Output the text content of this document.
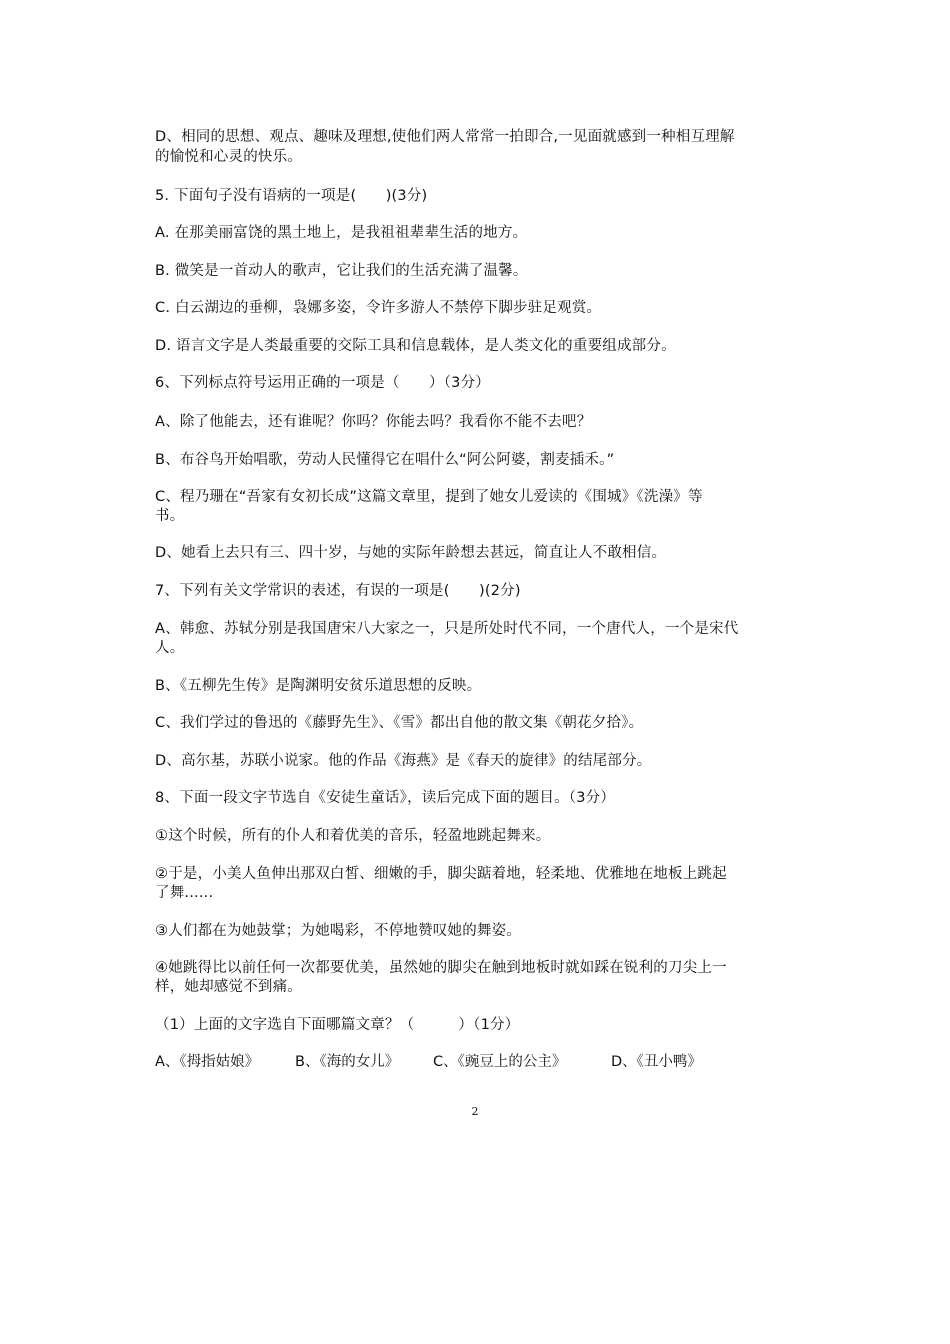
D、相同的思想、观点、趣味及理想,使他们两人常常一拍即合,一见面就感到一种相互理解
的愉悦和心灵的快乐。
5. 下面句子没有语病的一项是(　　)(3分)
A. 在那美丽富饶的黑土地上，是我祖祖辈辈生活的地方。
B. 微笑是一首动人的歌声，它让我们的生活充满了温馨。
C. 白云湖边的垂柳，袅娜多姿，令许多游人不禁停下脚步驻足观赏。
D. 语言文字是人类最重要的交际工具和信息载体，是人类文化的重要组成部分。
6、下列标点符号运用正确的一项是（　　）（3分）
A、除了他能去，还有谁呢？你吗？你能去吗？我看你不能不去吧？
B、布谷鸟开始唱歌，劳动人民懂得它在唱什么“阿公阿婆，割麦插禾。”
C、程乃珊在“吾家有女初长成”这篇文章里，提到了她女儿爱读的《围城》《洗澡》等
书。
D、她看上去只有三、四十岁，与她的实际年龄想去甚远，简直让人不敢相信。
7、下列有关文学常识的表述，有误的一项是(　　)(2分)
A、韩愈、苏轼分别是我国唐宋八大家之一，只是所处时代不同，一个唐代人，一个是宋代
人。
B、《五柳先生传》是陶渊明安贫乐道思想的反映。
C、我们学过的鲁迅的《藤野先生》、《雪》都出自他的散文集《朝花夕拾》。
D、高尔基，苏联小说家。他的作品《海燕》是《春天的旋律》的结尾部分。
8、下面一段文字节选自《安徒生童话》，读后完成下面的题目。（3分）
①这个时候，所有的仆人和着优美的音乐，轻盈地跳起舞来。
②于是，小美人鱼伸出那双白皙、细嫩的手，脚尖踮着地，轻柔地、优雅地在地板上跳起
了舞......
③人们都在为她鼓掌；为她喝彩，不停地赞叹她的舞姿。
④她跳得比以前任何一次都要优美，虽然她的脚尖在触到地板时就如踩在锐利的刀尖上一
样，她却感觉不到痛。
（1）上面的文字选自下面哪篇文章？（　　　）（1分）
A、《拇指姑娘》 B、《海的女儿》 C、《豌豆上的公主》	D、《丑小鸭》
2
